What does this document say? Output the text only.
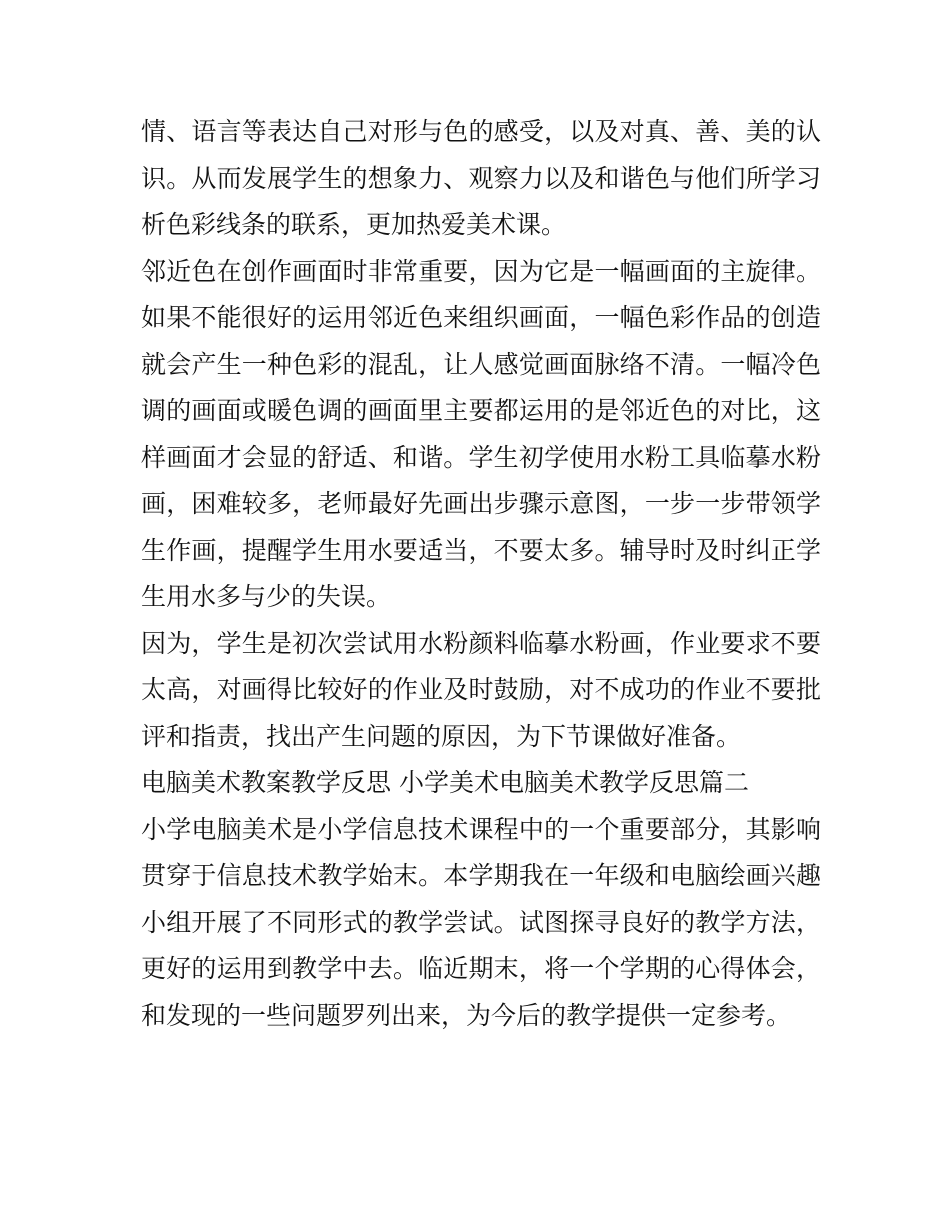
情、语言等表达自己对形与色的感受，以及对真、善、美的认
识。从而发展学生的想象力、观察力以及和谐色与他们所学习
析色彩线条的联系，更加热爱美术课。
邻近色在创作画面时非常重要，因为它是一幅画面的主旋律。
如果不能很好的运用邻近色来组织画面，一幅色彩作品的创造
就会产生一种色彩的混乱，让人感觉画面脉络不清。一幅冷色
调的画面或暖色调的画面里主要都运用的是邻近色的对比，这
样画面才会显的舒适、和谐。学生初学使用水粉工具临摹水粉
画，困难较多，老师最好先画出步骤示意图，一步一步带领学
生作画，提醒学生用水要适当，不要太多。辅导时及时纠正学
生用水多与少的失误。
因为，学生是初次尝试用水粉颜料临摹水粉画，作业要求不要
太高，对画得比较好的作业及时鼓励，对不成功的作业不要批
评和指责，找出产生问题的原因，为下节课做好准备。
电脑美术教案教学反思 小学美术电脑美术教学反思篇二
小学电脑美术是小学信息技术课程中的一个重要部分，其影响
贯穿于信息技术教学始末。本学期我在一年级和电脑绘画兴趣
小组开展了不同形式的教学尝试。试图探寻良好的教学方法，
更好的运用到教学中去。临近期末，将一个学期的心得体会，
和发现的一些问题罗列出来，为今后的教学提供一定参考。
